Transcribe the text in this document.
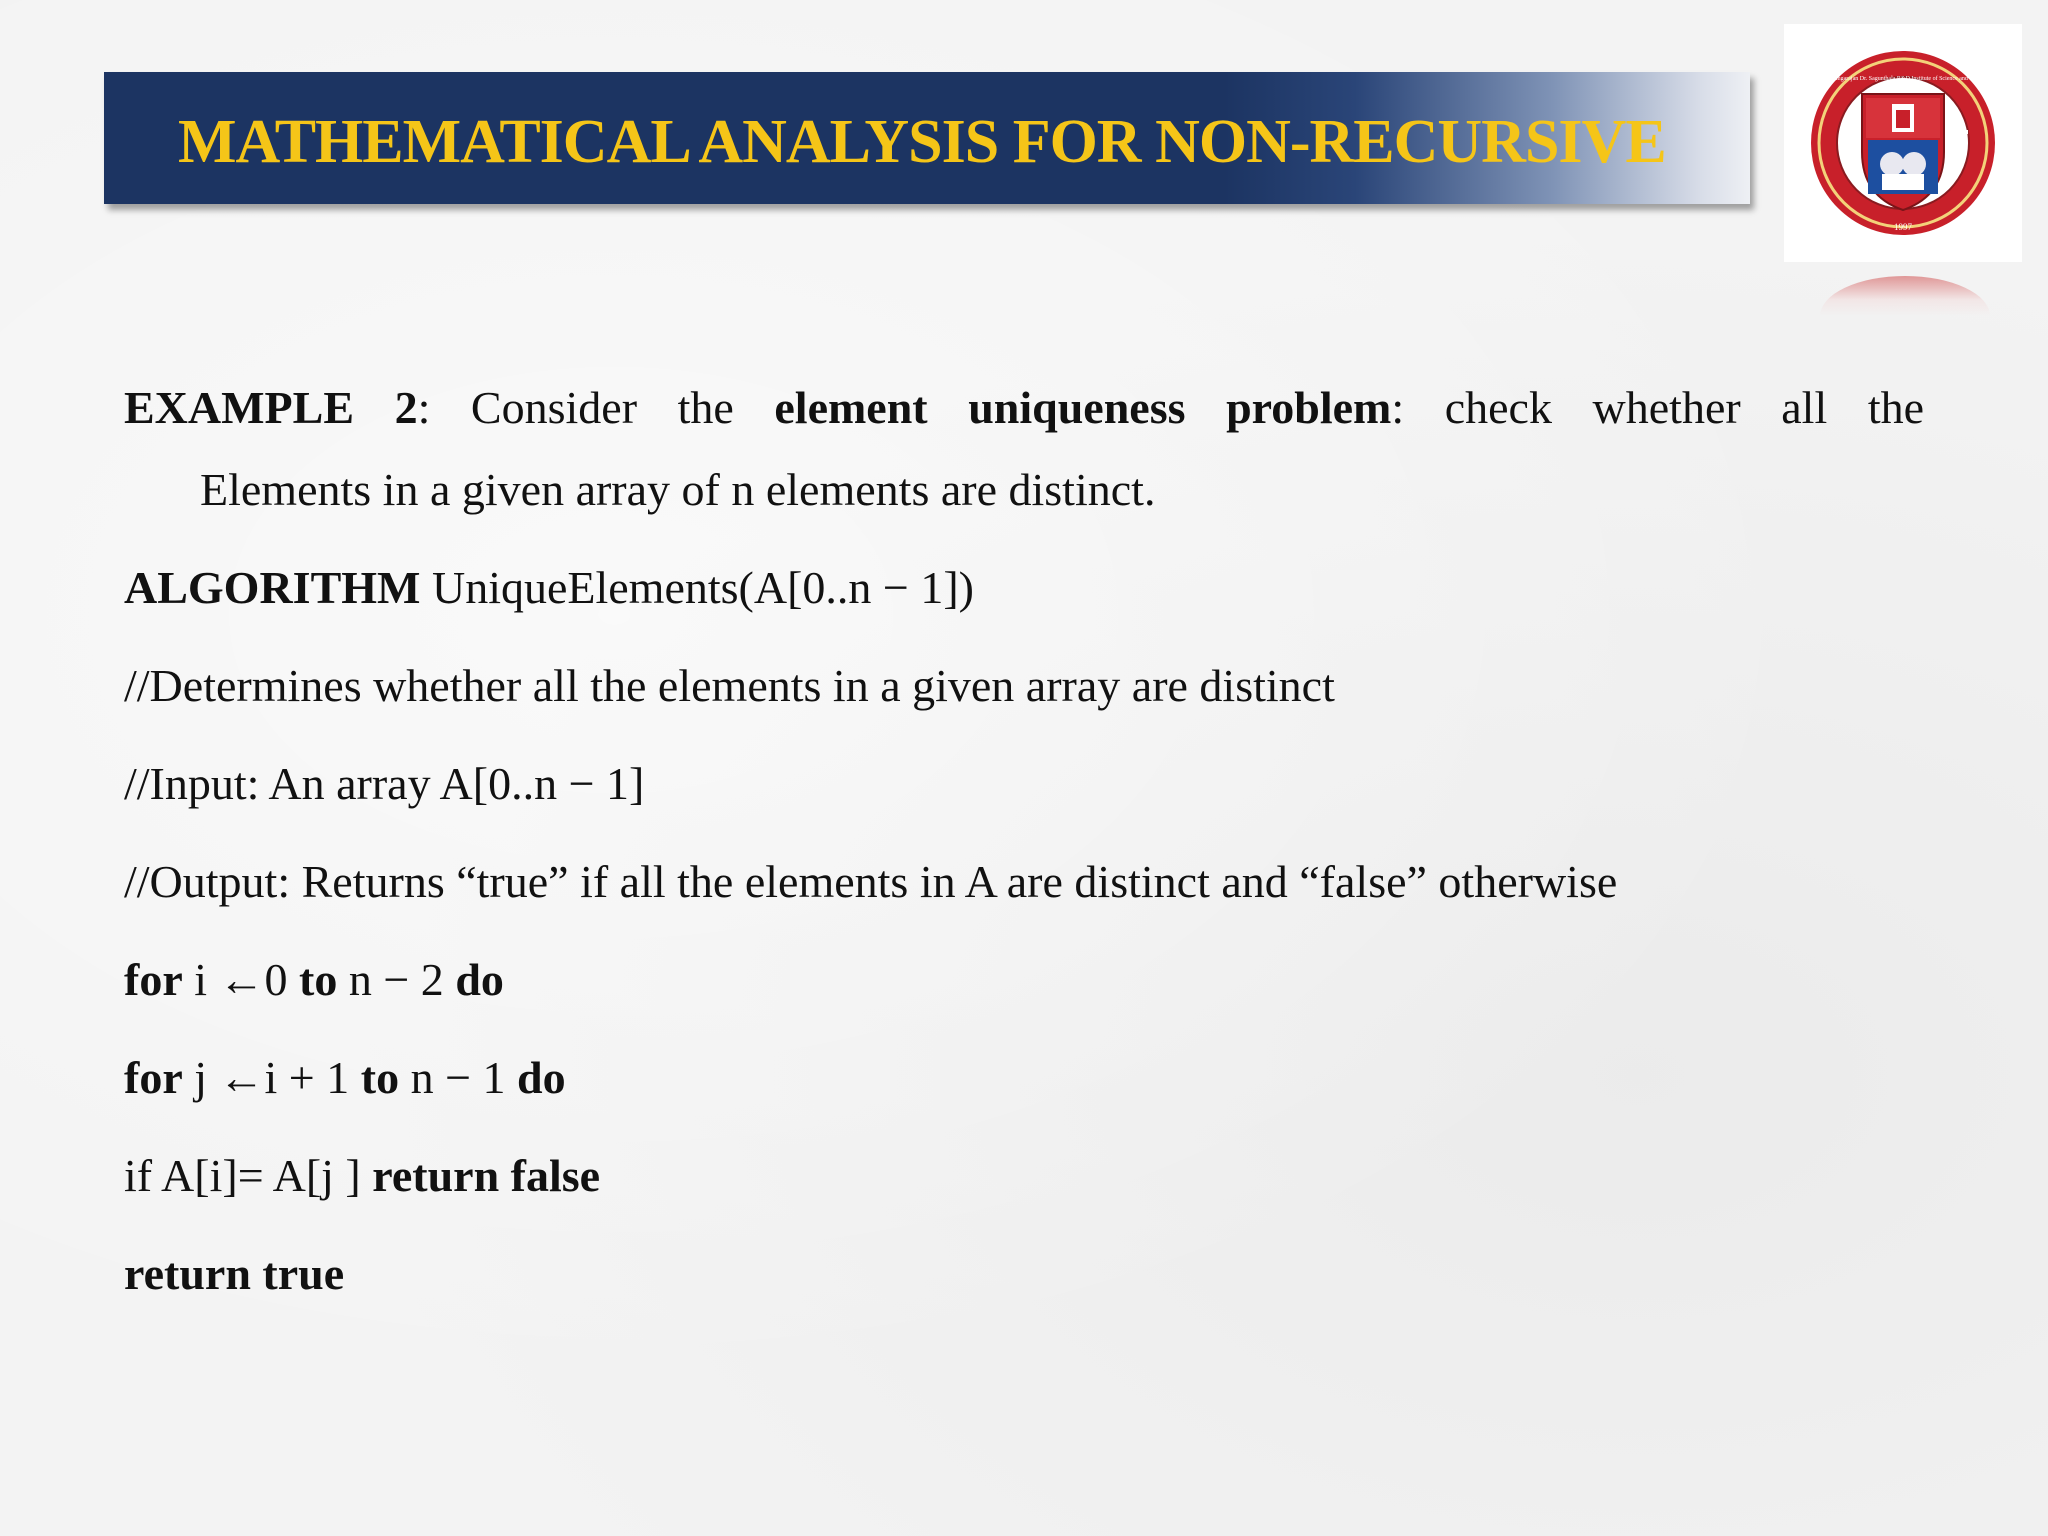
MATHEMATICAL ANALYSIS FOR NON-RECURSIVE
Vel Tech Rangarajan Dr. Sagunthala R&D Institute of Science and Technology
1997

EXAMPLE 2: Consider the element uniqueness problem: check whether all the

Elements in a given array of n elements are distinct.

ALGORITHM UniqueElements(A[0..n − 1])

//Determines whether all the elements in a given array are distinct

//Input: An array A[0..n − 1]

//Output: Returns “true” if all the elements in A are distinct and “false” otherwise

for i ←0 to n − 2 do

for j ←i + 1 to n − 1 do

if A[i]= A[j ] return false

return true
